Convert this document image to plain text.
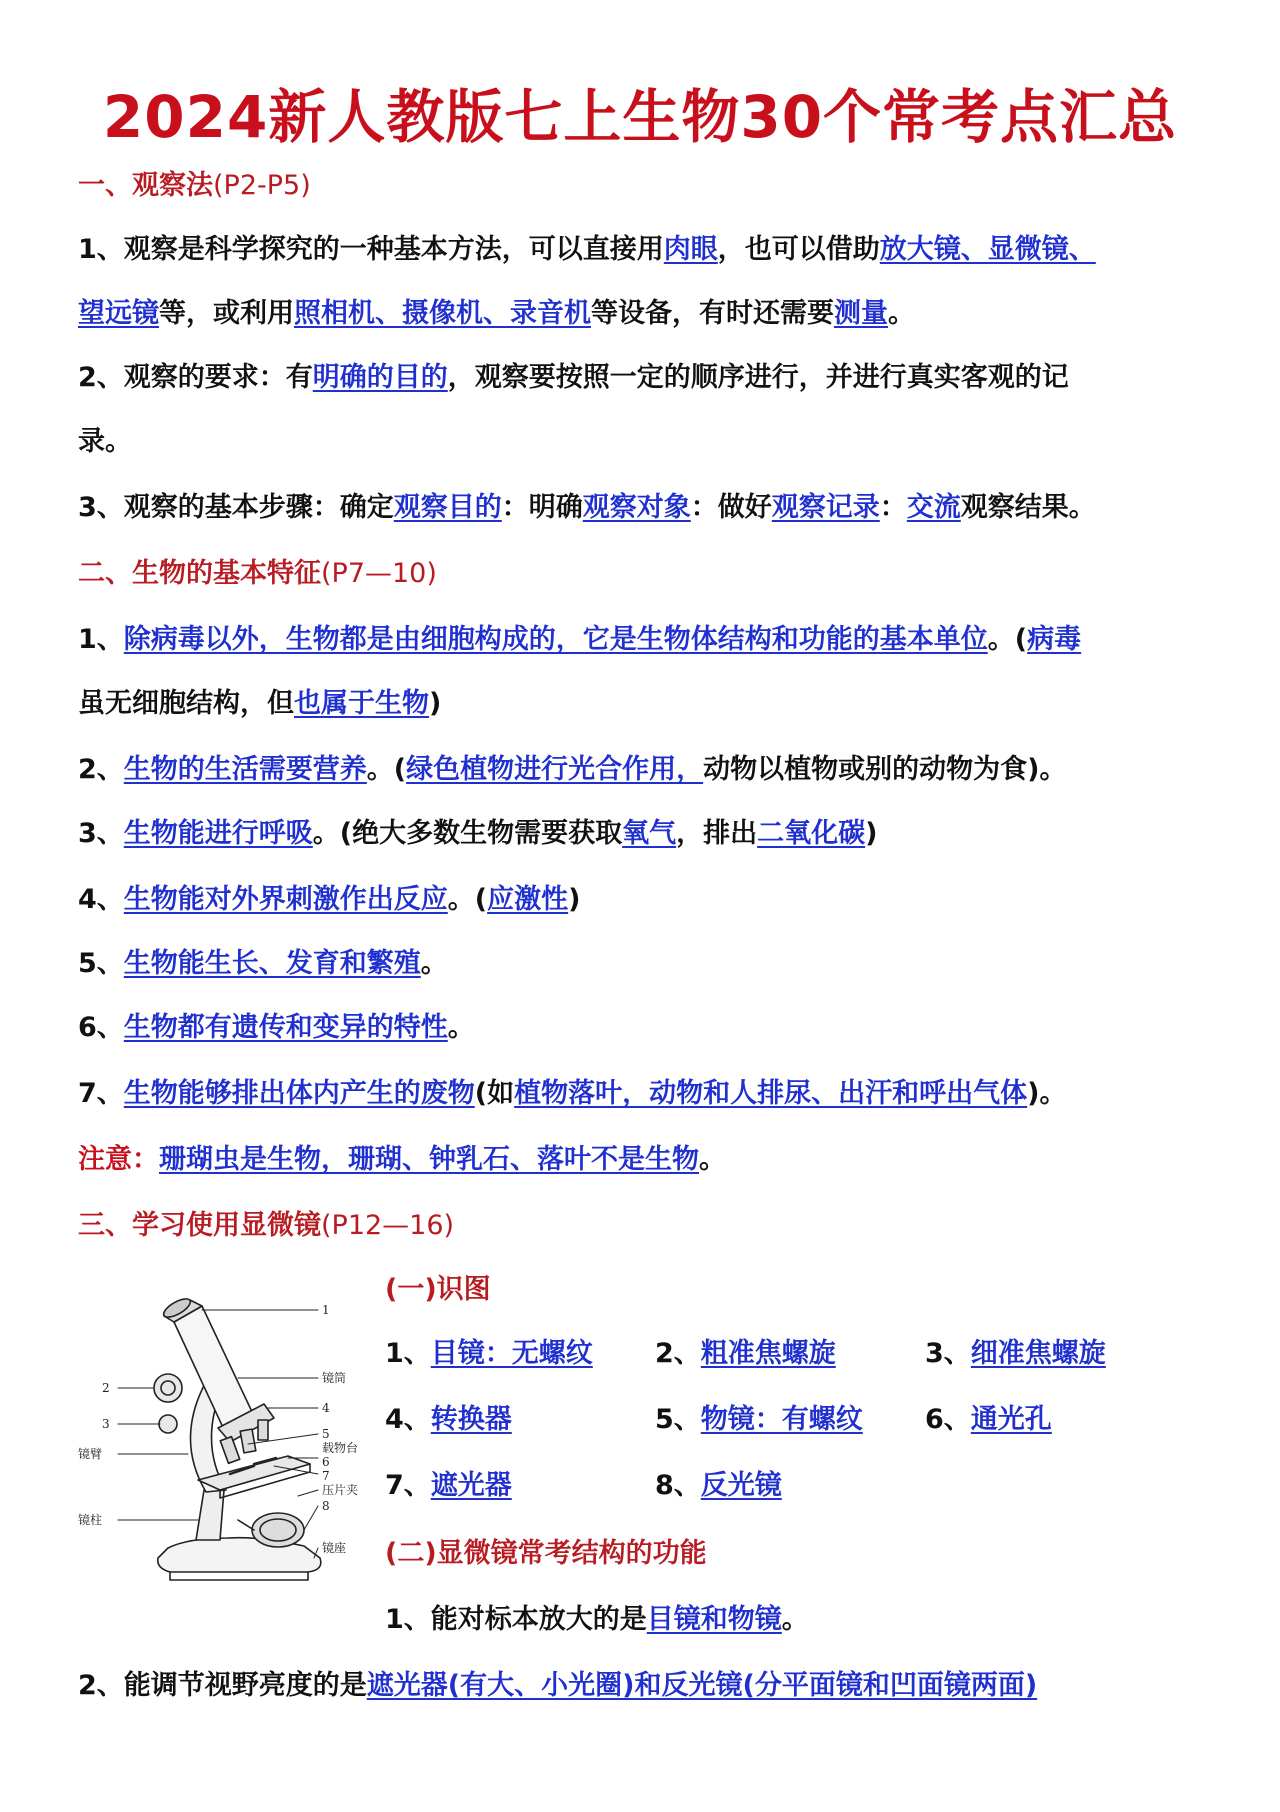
2024新人教版七上生物30个常考点汇总
一、观察法(P2-P5)
1、观察是科学探究的一种基本方法，可以直接用肉眼，也可以借助放大镜、显微镜、
望远镜等，或利用照相机、摄像机、录音机等设备，有时还需要测量。
2、观察的要求：有明确的目的，观察要按照一定的顺序进行，并进行真实客观的记
录。
3、观察的基本步骤：确定观察目的：明确观察对象：做好观察记录：交流观察结果。
二、生物的基本特征(P7—10)
1、除病毒以外，生物都是由细胞构成的，它是生物体结构和功能的基本单位。(病毒
虽无细胞结构，但也属于生物)
2、生物的生活需要营养。(绿色植物进行光合作用，动物以植物或别的动物为食)。
3、生物能进行呼吸。(绝大多数生物需要获取氧气，排出二氧化碳)
4、生物能对外界刺激作出反应。(应激性)
5、生物能生长、发育和繁殖。
6、生物都有遗传和变异的特性。
7、生物能够排出体内产生的废物(如植物落叶，动物和人排尿、出汗和呼出气体)。
注意：珊瑚虫是生物，珊瑚、钟乳石、落叶不是生物。
三、学习使用显微镜(P12—16)
1
镜筒
4
5
载物台
6
7
压片夹
8
镜座
2
3
镜臂
镜柱
(一)识图
1、目镜：无螺纹 2、粗准焦螺旋	3、细准焦螺旋
4、转换器	5、物镜：有螺纹 6、通光孔
7、遮光器	8、反光镜
(二)显微镜常考结构的功能
1、能对标本放大的是目镜和物镜。
2、能调节视野亮度的是遮光器(有大、小光圈)和反光镜(分平面镜和凹面镜两面)
